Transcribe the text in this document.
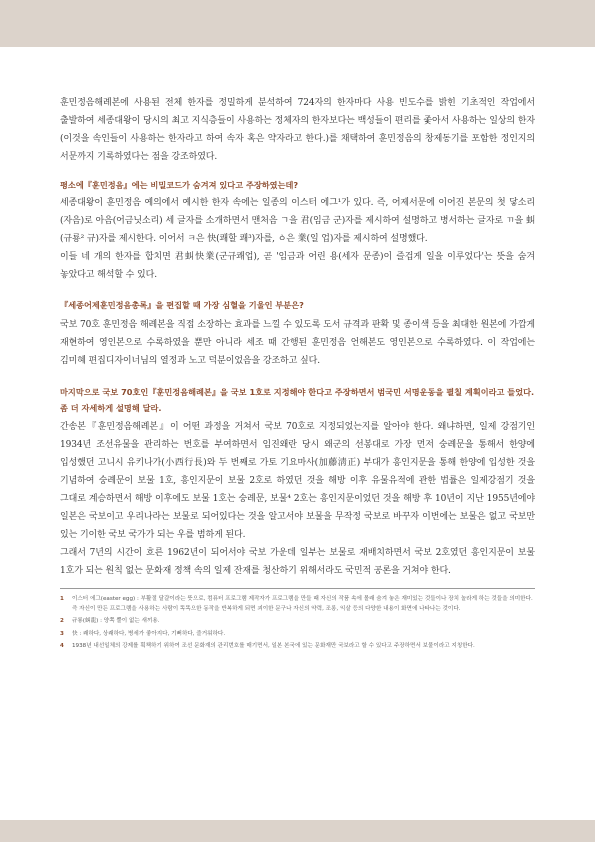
훈민정음해례본에 사용된 전체 한자를 정밀하게 분석하여 724자의 한자마다 사용 빈도수를 밝힌 기초적인 작업에서 출발하여 세종대왕이 당시의 최고 지식층들이 사용하는 정체자의 한자보다는 백성들이 편리를 좇아서 사용하는 일상의 한자(이것을 속인들이 사용하는 한자라고 하여 속자 혹은 약자라고 한다.)를 채택하여 훈민정음의 창제동기를 포함한 정인지의 서문까지 기록하였다는 점을 강조하였다.

평소에『훈민정음』에는 비밀코드가 숨겨져 있다고 주장하였는데?

세종대왕이 훈민정음 예의에서 예시한 한자 속에는 일종의 이스터 에그¹가 있다. 즉, 어제서문에 이어진 본문의 첫 닿소리(자음)로 아음(어금닛소리) 세 글자를 소개하면서 맨처음 ㄱ을 君(임금 군)자를 제시하여 설명하고 병서하는 글자로 ㄲ을 虯(규룡² 규)자를 제시한다. 이어서 ㅋ은 快(쾌할 쾌³)자를, ㆁ은 業(일 업)자를 제시하여 설명했다.

이들 네 개의 한자를 합치면 君虯快業(군규쾌업), 곧 '임금과 어린 용(세자 문종)이 즐겁게 일을 이루었다'는 뜻을 숨겨 놓았다고 해석할 수 있다.

『세종어제훈민정음총록』을 편집할 때 가장 심혈을 기울인 부분은?

국보 70호 훈민정음 해례본을 직접 소장하는 효과를 느낄 수 있도록 도서 규격과 판확 및 종이색 등을 최대한 원본에 가깝게 재현하여 영인본으로 수록하였을 뿐만 아니라 세조 때 간행된 훈민정음 언해본도 영인본으로 수록하였다. 이 작업에는 김미혜 편집디자이너님의 열정과 노고 덕분이었음을 강조하고 싶다.

마지막으로 국보 70호인『훈민정음해례본』을 국보 1호로 지정해야 한다고 주장하면서 범국민 서명운동을 펼칠 계획이라고 들었다. 좀 더 자세하게 설명해 달라.

간송본『훈민정음해례본』이 어떤 과정을 거쳐서 국보 70호로 지정되었는지를 알아야 한다. 왜냐하면, 일제 강점기인 1934년 조선유물을 관리하는 번호를 부여하면서 임진왜란 당시 왜군의 선봉대로 가장 먼저 숭례문을 통해서 한양에 입성했던 고니시 유키나가(小西行長)와 두 번째로 가토 기요마사(加藤淸正) 부대가 흥인지문을 통해 한양에 입성한 것을 기념하여 숭례문이 보물 1호, 흥인지문이 보물 2호로 하였던 것을 해방 이후 유물유적에 관한 법률은 일제강점기 것을 그대로 계승하면서 해방 이후에도 보물 1호는 숭례문, 보물⁴ 2호는 흥인지문이었던 것을 해방 후 10년이 지난 1955년에야 일본은 국보이고 우리나라는 보물로 되어있다는 것을 알고서야 보물을 무작정 국보로 바꾸자 이번에는 보물은 없고 국보만 있는 기이한 국보 국가가 되는 우를 범하게 된다.

그래서 7년의 시간이 흐른 1962년이 되어서야 국보 가운데 일부는 보물로 재배치하면서 국보 2호였던 흥인지문이 보물 1호가 되는 원칙 없는 문화재 정책 속의 일제 잔재를 청산하기 위해서라도 국민적 공론을 거쳐야 한다.

1	이스터 에그(easter egg) : 부활절 달걀이라는 뜻으로, 컴퓨터 프로그램 제작자가 프로그램을 만들 때 자신의 작품 속에 몰래 숨겨 놓은 재미있는 것들이나 장치 놀라게 하는 것들을 의미한다. 즉 자신이 만든 프로그램을 사용하는 사람이 똑똑으한 동작을 반복하게 되면 괴이한 문구나 자신의 약력, 조롱, 익살 등의 다양한 내용이 화면에 나타나는 것이다.
2	규룡(虯龍) : 양쪽 뿔이 없는 새끼용.
3	快 : 쾌하다, 상쾌하다, 병세가 좋아지다, 기뻐하다, 즐거워하다.
4	1938년 내선일체의 강제를 획책하기 위하여 조선 문화재의 관리번호를 매기면서, 일본 본국에 있는 문화재만 국보라고 할 수 있다고 주장하면서 보물이라고 지칭한다.
